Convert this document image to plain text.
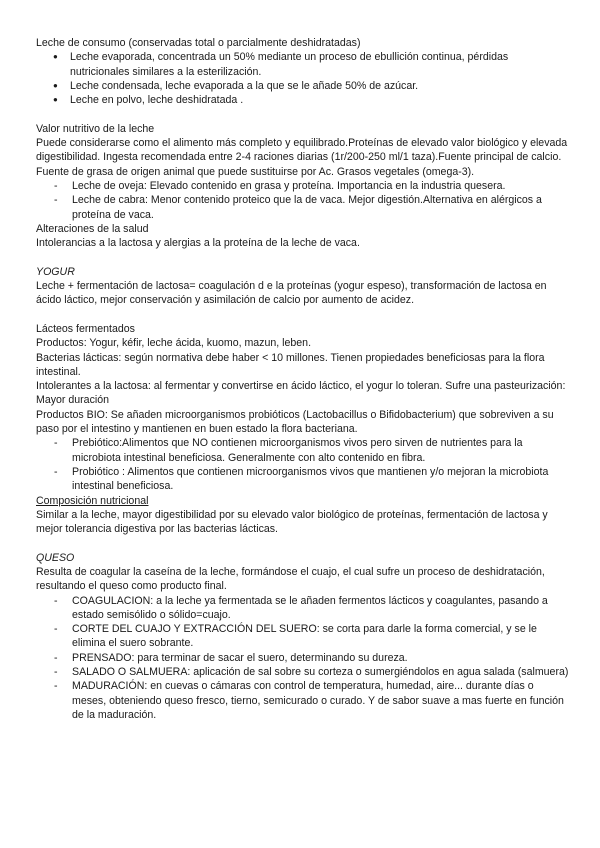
Leche de consumo (conservadas total o parcialmente deshidratadas)

● Leche evaporada, concentrada un 50% mediante un proceso de ebullición continua, pérdidas nutricionales similares a la esterilización.
● Leche condensada, leche evaporada a la que se le añade 50% de azúcar.
● Leche en polvo, leche deshidratada .

Valor nutritivo de la leche

Puede considerarse como el alimento más completo y equilibrado.Proteínas de elevado valor biológico y elevada digestibilidad. Ingesta recomendada entre 2-4 raciones diarias (1r/200-250 ml/1 taza).Fuente principal de calcio. Fuente de grasa de origen animal que puede sustituirse por Ac. Grasos vegetales (omega-3).

- Leche de oveja: Elevado contenido en grasa y proteína. Importancia en la industria quesera.
- Leche de cabra: Menor contenido proteico que la de vaca. Mejor digestión.Alternativa en alérgicos a proteína de vaca.

Alteraciones de la salud

Intolerancias a la lactosa y alergias a la proteína de la leche de vaca.

YOGUR

Leche + fermentación de lactosa= coagulación d e la proteínas (yogur espeso), transformación de lactosa en ácido láctico, mejor conservación y asimilación de calcio por aumento de acidez.

Lácteos fermentados

Productos: Yogur, kéfir, leche ácida, kuomo, mazun, leben.

Bacterias lácticas: según normativa debe haber < 10 millones. Tienen propiedades beneficiosas para la flora intestinal.

Intolerantes a la lactosa: al fermentar y convertirse en ácido láctico, el yogur lo toleran. Sufre una pasteurización: Mayor duración

Productos BIO: Se añaden microorganismos probióticos (Lactobacillus o Bifidobacterium) que sobreviven a su paso por el intestino y mantienen en buen estado la flora bacteriana.

- Prebiótico:Alimentos que NO contienen microorganismos vivos pero sirven de nutrientes para la microbiota intestinal beneficiosa. Generalmente con alto contenido en fibra.
- Probiótico : Alimentos que contienen microorganismos vivos que mantienen y/o mejoran la microbiota intestinal beneficiosa.

Composición nutricional

Similar a la leche, mayor digestibilidad por su elevado valor biológico de proteínas, fermentación de lactosa y mejor tolerancia digestiva por las bacterias lácticas.

QUESO

Resulta de coagular la caseína de la leche, formándose el cuajo, el cual sufre un proceso de deshidratación, resultando el queso como producto final.

- COAGULACION: a la leche ya fermentada se le añaden fermentos lácticos y coagulantes, pasando a estado semisólido o sólido=cuajo.
- CORTE DEL CUAJO Y EXTRACCIÓN DEL SUERO: se corta para darle la forma comercial, y se le elimina el suero sobrante.
- PRENSADO: para terminar de sacar el suero, determinando su dureza.
- SALADO O SALMUERA: aplicación de sal sobre su corteza o sumergiéndolos en agua salada (salmuera)
- MADURACIÓN: en cuevas o cámaras con control de temperatura, humedad, aire... durante días o meses, obteniendo queso fresco, tierno, semicurado o curado. Y de sabor suave a mas fuerte en función de la maduración.
